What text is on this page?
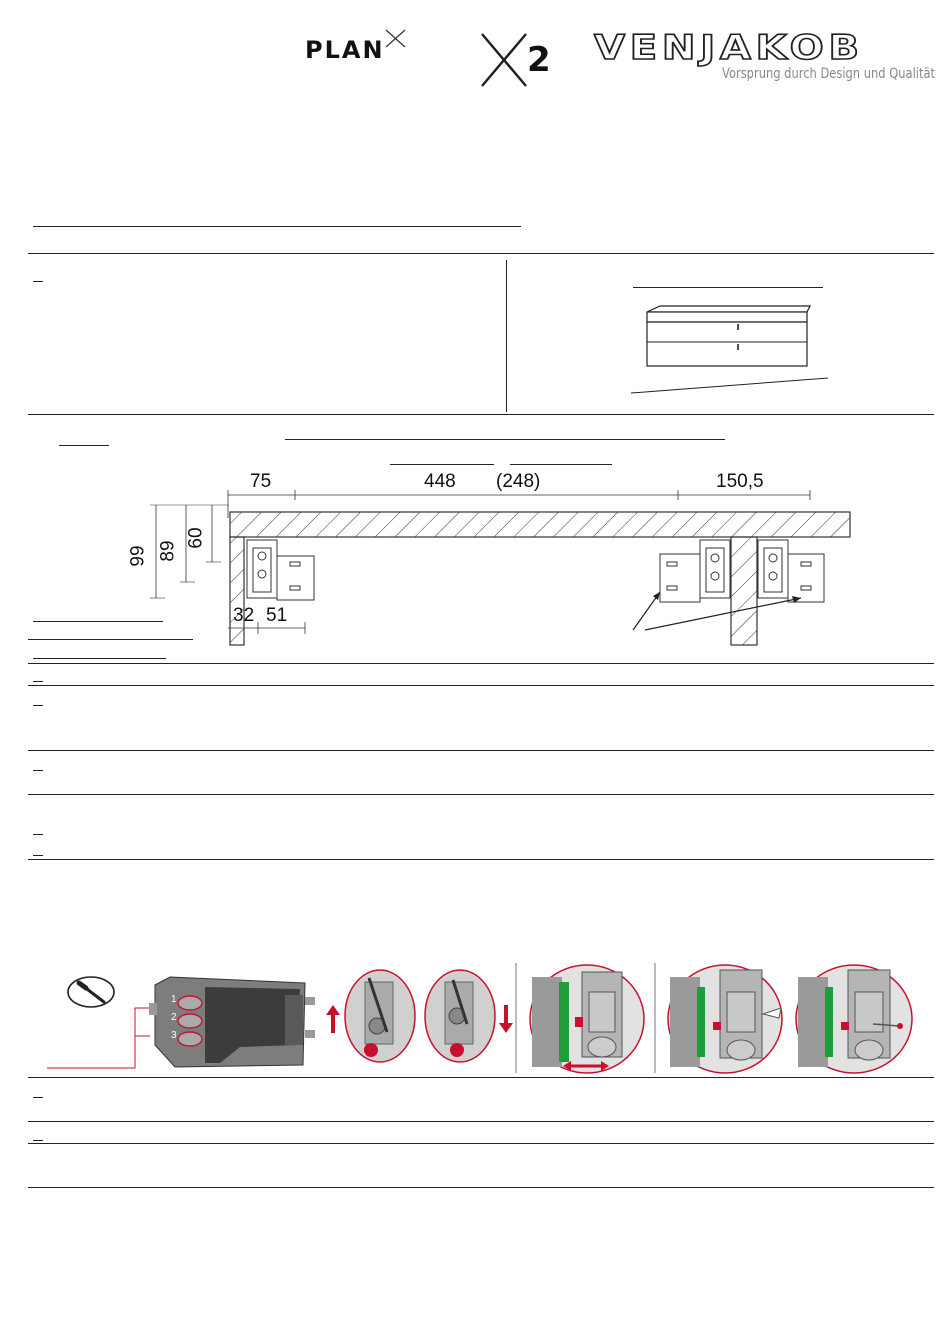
PLAN	2 VENJAKOB
Vorsprung durch Design und Qualität
75	448 (248)	150,5
99 89
60
32 51
1
2
3
